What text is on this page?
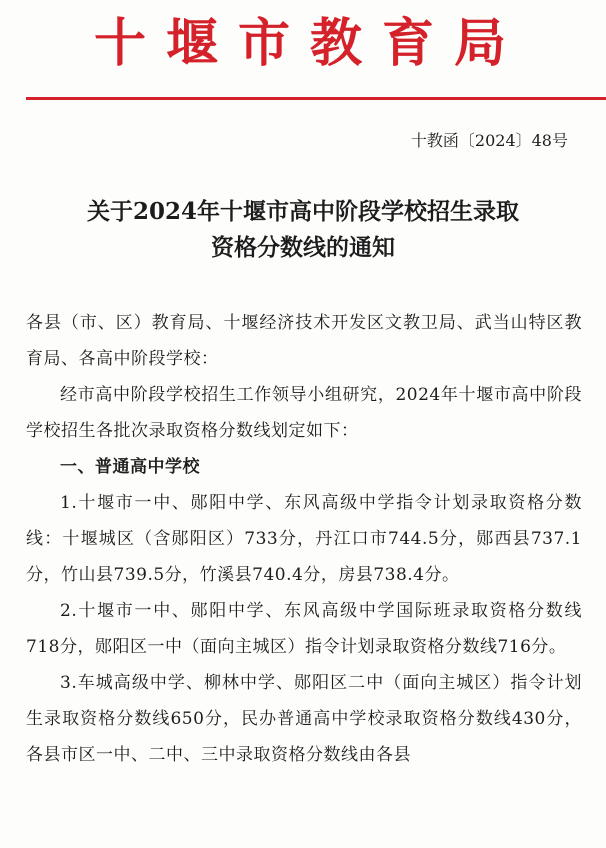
十堰市教育局
十教函〔2024〕48号
关于2024年十堰市高中阶段学校招生录取
资格分数线的通知

各县（市、区）教育局、十堰经济技术开发区文教卫局、武当山特区教育局、各高中阶段学校：

经市高中阶段学校招生工作领导小组研究，2024年十堰市高中阶段学校招生各批次录取资格分数线划定如下：

一、普通高中学校

1.十堰市一中、郧阳中学、东风高级中学指令计划录取资格分数线：十堰城区（含郧阳区）733分，丹江口市744.5分，郧西县737.1分，竹山县739.5分，竹溪县740.4分，房县738.4分。

2.十堰市一中、郧阳中学、东风高级中学国际班录取资格分数线718分，郧阳区一中（面向主城区）指令计划录取资格分数线716分。

3.车城高级中学、柳林中学、郧阳区二中（面向主城区）指令计划生录取资格分数线650分，民办普通高中学校录取资格分数线430分，各县市区一中、二中、三中录取资格分数线由各县
